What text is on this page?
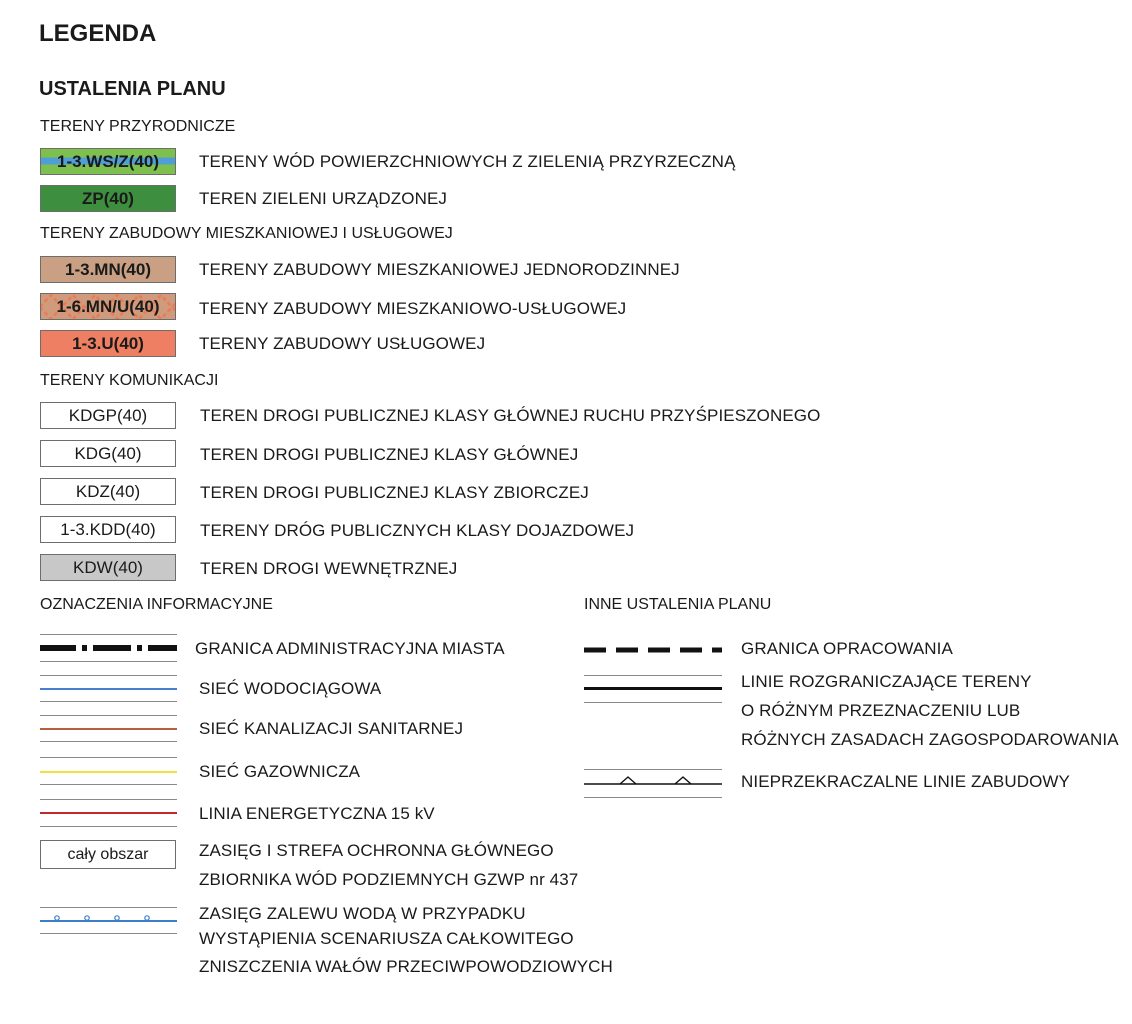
LEGENDA
USTALENIA PLANU
TERENY PRZYRODNICZE
1-3.WS/Z(40) TERENY WÓD POWIERZCHNIOWYCH Z ZIELENIĄ PRZYRZECZNĄ
ZP(40)	TEREN ZIELENI URZĄDZONEJ
TERENY ZABUDOWY MIESZKANIOWEJ I USŁUGOWEJ
1-3.MN(40)	TERENY ZABUDOWY MIESZKANIOWEJ JEDNORODZINNEJ
1-6.MN/U(40) TERENY ZABUDOWY MIESZKANIOWO-USŁUGOWEJ
1-3.U(40)	TERENY ZABUDOWY USŁUGOWEJ
TERENY KOMUNIKACJI
KDGP(40)	TEREN DROGI PUBLICZNEJ KLASY GŁÓWNEJ RUCHU PRZYŚPIESZONEGO
KDG(40)	TEREN DROGI PUBLICZNEJ KLASY GŁÓWNEJ
KDZ(40)	TEREN DROGI PUBLICZNEJ KLASY ZBIORCZEJ
1-3.KDD(40)	TERENY DRÓG PUBLICZNYCH KLASY DOJAZDOWEJ
KDW(40)	TEREN DROGI WEWNĘTRZNEJ
OZNACZENIA INFORMACYJNE
GRANICA ADMINISTRACYJNA MIASTA
SIEĆ WODOCIĄGOWA
SIEĆ KANALIZACJI SANITARNEJ
SIEĆ GAZOWNICZA
LINIA ENERGETYCZNA 15 kV
cały obszar	ZASIĘG I STREFA OCHRONNA GŁÓWNEGO
ZBIORNIKA WÓD PODZIEMNYCH GZWP nr 437
ZASIĘG ZALEWU WODĄ W PRZYPADKU
WYSTĄPIENIA SCENARIUSZA CAŁKOWITEGO
ZNISZCZENIA WAŁÓW PRZECIWPOWODZIOWYCH
INNE USTALENIA PLANU
GRANICA OPRACOWANIA
LINIE ROZGRANICZAJĄCE TERENY
O RÓŻNYM PRZEZNACZENIU LUB
RÓŻNYCH ZASADACH ZAGOSPODAROWANIA
NIEPRZEKRACZALNE LINIE ZABUDOWY
